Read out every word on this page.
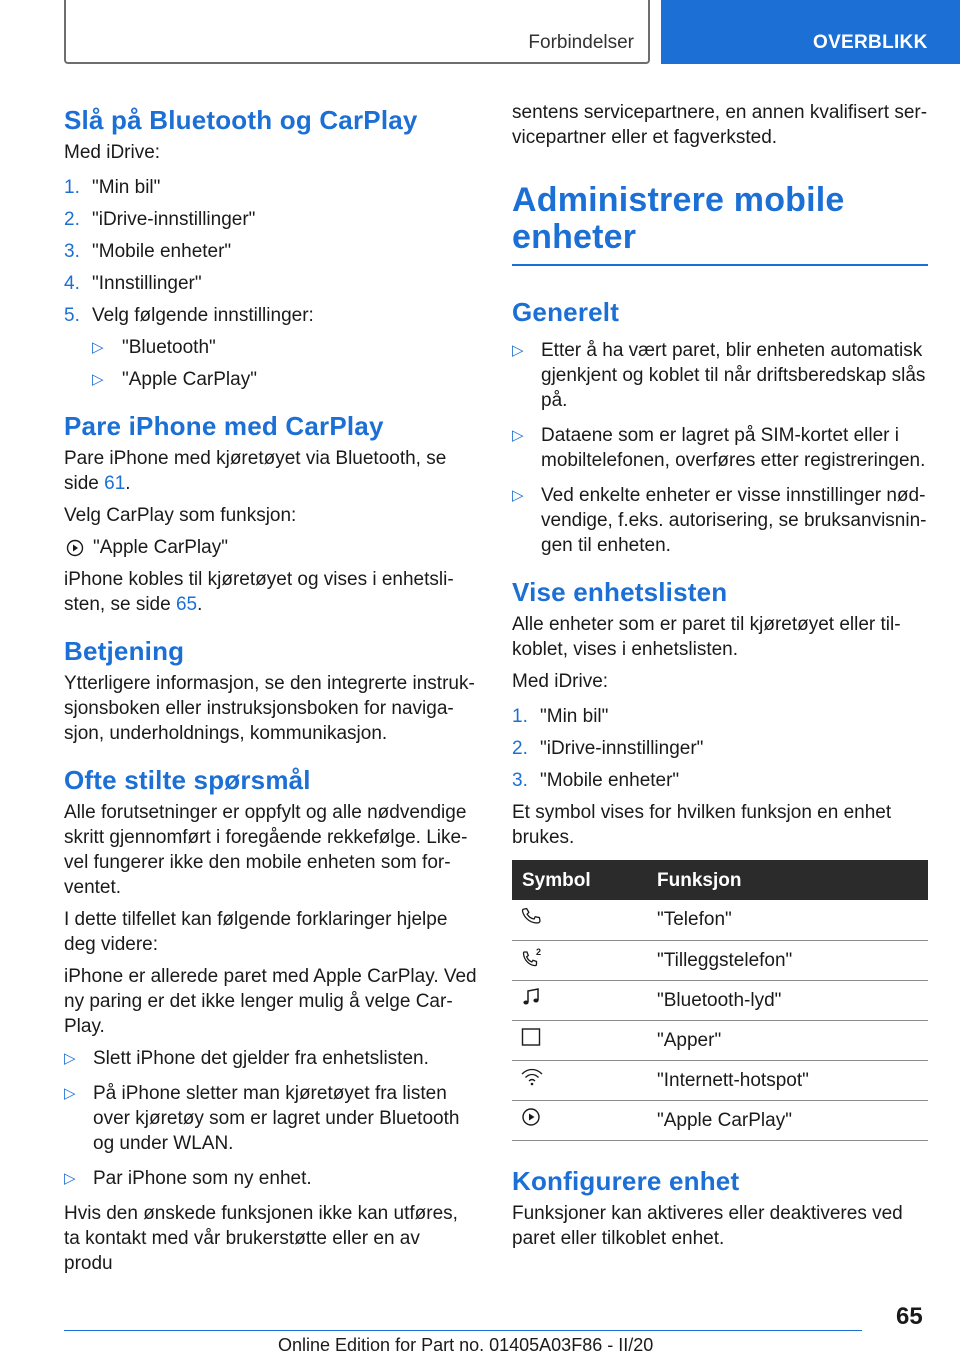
Forbindelser	OVERBLIKK
Slå på Bluetooth og CarPlay

Med iDrive:

1. "Min bil"
2. "iDrive-innstillinger"
3. "Mobile enheter"
4. "Innstillinger"
5. Velg følgende innstillinger:
▷ "Bluetooth"
▷ "Apple CarPlay"
Pare iPhone med CarPlay

Pare iPhone med kjøretøyet via Bluetooth, se side 61.

Velg CarPlay som funksjon:

"Apple CarPlay"

iPhone kobles til kjøretøyet og vises i enhetslisten, se side 65.

Betjening

Ytterligere informasjon, se den integrerte instruksjonsboken eller instruksjonsboken for navigasjon, underholdnings, kommunikasjon.

Ofte stilte spørsmål

Alle forutsetninger er oppfylt og alle nødvendige skritt gjennomført i foregående rekkefølge. Likevel fungerer ikke den mobile enheten som forventet.

I dette tilfellet kan følgende forklaringer hjelpe deg videre:

iPhone er allerede paret med Apple CarPlay. Ved ny paring er det ikke lenger mulig å velge CarPlay.

▷ Slett iPhone det gjelder fra enhetslisten.
▷ På iPhone sletter man kjøretøyet fra listen over kjøretøy som er lagret under Bluetooth og under WLAN.
▷ Par iPhone som ny enhet.

Hvis den ønskede funksjonen ikke kan utføres, ta kontakt med vår brukerstøtte eller en av produ

sentens servicepartnere, en annen kvalifisert servicepartner eller et fagverksted.

Administrere mobile enheter
Generelt
▷ Etter å ha vært paret, blir enheten automatisk gjenkjent og koblet til når driftsberedskap slås på.
▷ Dataene som er lagret på SIM-kortet eller i mobiltelefonen, overføres etter registreringen.
▷ Ved enkelte enheter er visse innstillinger nødvendige, f.eks. autorisering, se bruksanvisningen til enheten.
Vise enhetslisten

Alle enheter som er paret til kjøretøyet eller tilkoblet, vises i enhetslisten.

Med iDrive:

1. "Min bil"
2. "iDrive-innstillinger"
3. "Mobile enheter"

Et symbol vises for hvilken funksjon en enhet brukes.

Symbol	Funksjon
	"Telefon"

2	"Tilleggstelefon"
	"Bluetooth-lyd"
	"Apper"
	"Internett-hotspot"
	"Apple CarPlay"
Konfigurere enhet

Funksjoner kan aktiveres eller deaktiveres ved paret eller tilkoblet enhet.

65
Online Edition for Part no. 01405A03F86 - II/20
